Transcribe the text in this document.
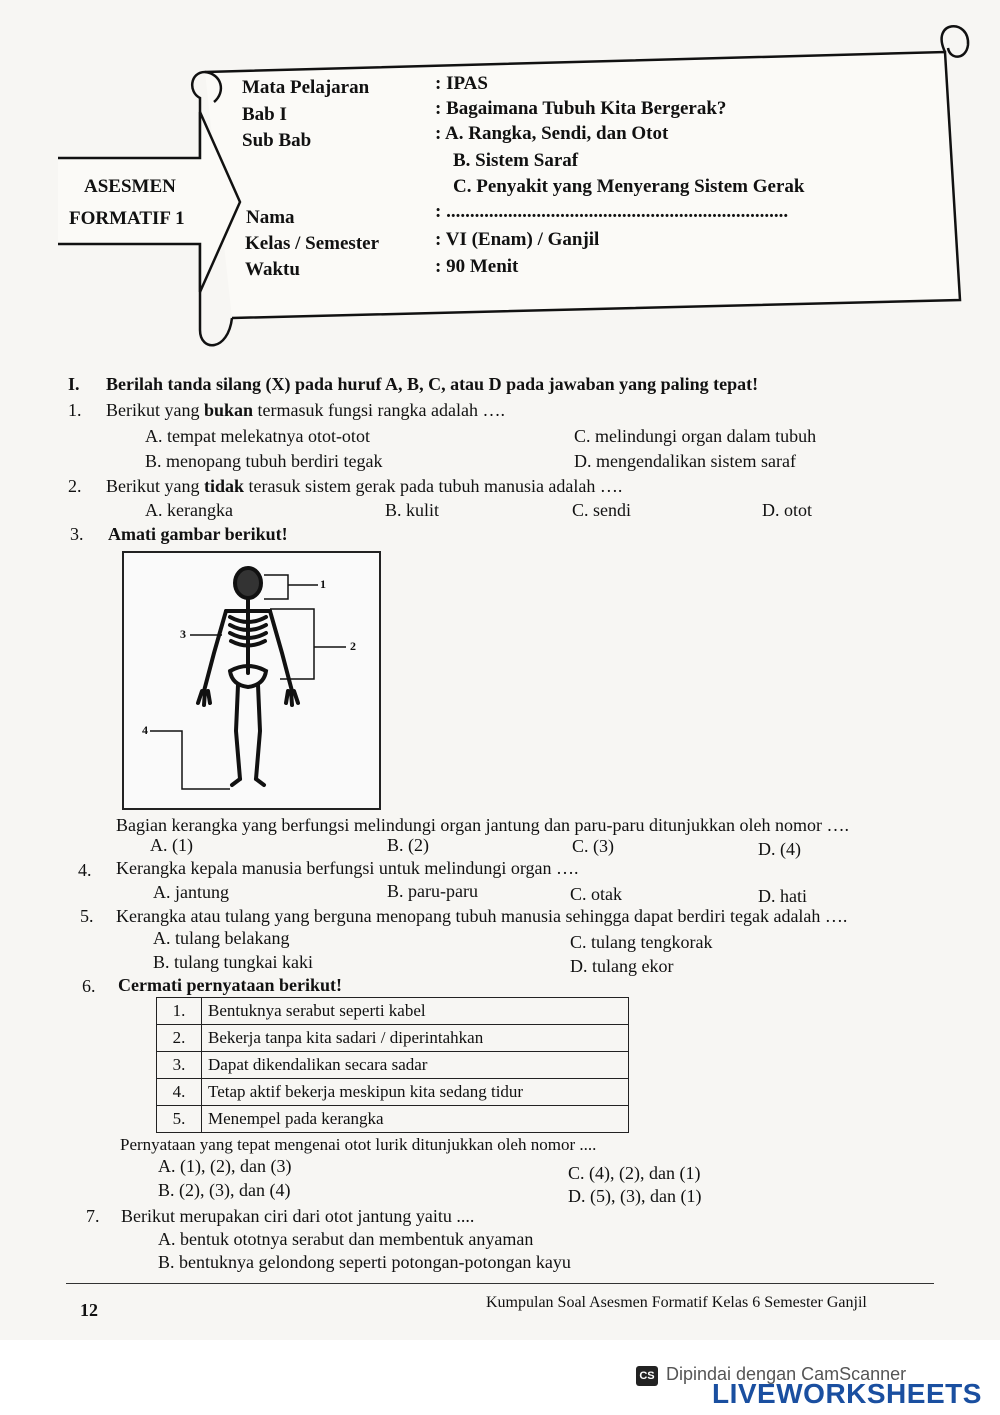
ASESMEN
FORMATIF 1
Mata Pelajaran	: IPAS
Bab I	: Bagaimana Tubuh Kita Bergerak?
Sub Bab	: A. Rangka, Sendi, dan Otot
B. Sistem Saraf
C. Penyakit yang Menyerang Sistem Gerak
Nama	: ........................................................................
Kelas / Semester	: VI (Enam) / Ganjil
Waktu	: 90 Menit
I. Berilah tanda silang (X) pada huruf A, B, C, atau D pada jawaban yang paling tepat!
1. Berikut yang bukan termasuk fungsi rangka adalah ….
A. tempat melekatnya otot-otot	C. melindungi organ dalam tubuh
B. menopang tubuh berdiri tegak	D. mengendalikan sistem saraf
2. Berikut yang tidak terasuk sistem gerak pada tubuh manusia adalah ….
A. kerangka	B. kulit	C. sendi	D. otot
3. Amati gambar berikut!
1
2
3
4
Bagian kerangka yang berfungsi melindungi organ jantung dan paru-paru ditunjukkan oleh nomor ….
A. (1)	B. (2)	C. (3)	D. (4)
4. Kerangka kepala manusia berfungsi untuk melindungi organ ….
A. jantung	B. paru-paru	C. otak	D. hati
5. Kerangka atau tulang yang berguna menopang tubuh manusia sehingga dapat berdiri tegak adalah ….
A. tulang belakang	C. tulang tengkorak
B. tulang tungkai kaki	D. tulang ekor
6. Cermati pernyataan berikut!
1.	Bentuknya serabut seperti kabel
2.	Bekerja tanpa kita sadari / diperintahkan
3.	Dapat dikendalikan secara sadar
4.	Tetap aktif bekerja meskipun kita sedang tidur
5.	Menempel pada kerangka
Pernyataan yang tepat mengenai otot lurik ditunjukkan oleh nomor ....
A. (1), (2), dan (3)	C. (4), (2), dan (1)
B. (2), (3), dan (4)	D. (5), (3), dan (1)
7. Berikut merupakan ciri dari otot jantung yaitu ....
A. bentuk ototnya serabut dan membentuk anyaman
B. bentuknya gelondong seperti potongan-potongan kayu
12	Kumpulan Soal Asesmen Formatif Kelas 6 Semester Ganjil
CS Dipindai dengan CamScanner
LIVEWORKSHEETS
